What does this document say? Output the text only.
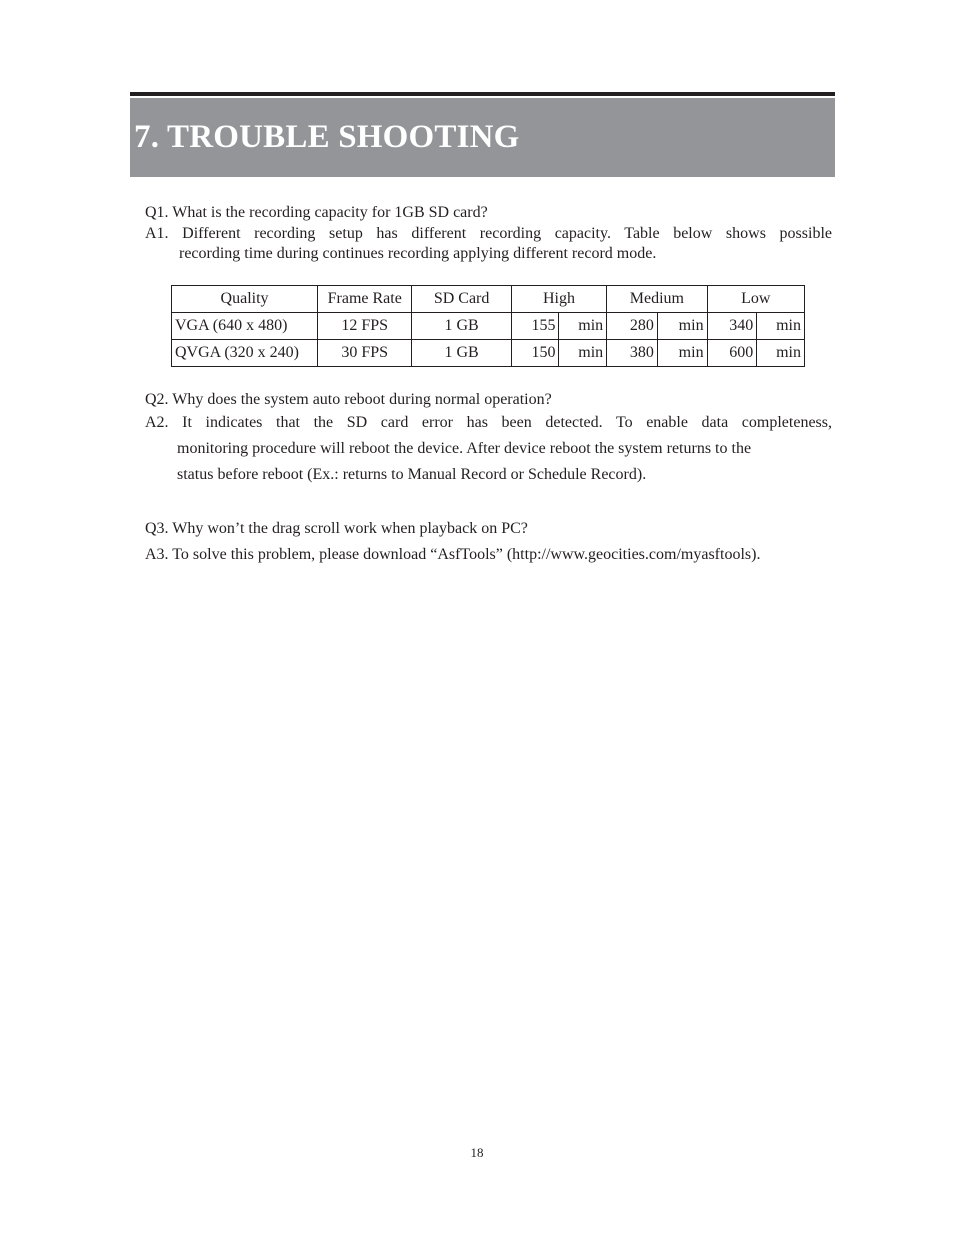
7. TROUBLE SHOOTING

Q1. What is the recording capacity for 1GB SD card?

A1. Different recording setup has different recording capacity. Table below shows possible
recording time during continues recording applying different record mode.
Quality	Frame Rate	SD Card	High		Medium		Low	
VGA (640 x 480)	12 FPS	1 GB	155	min	280	min	340	min
QVGA (320 x 240)	30 FPS	1 GB	150	min	380	min	600	min

Q2. Why does the system auto reboot during normal operation?

A2. It indicates that the SD card error has been detected. To enable data completeness,
monitoring procedure will reboot the device. After device reboot the system returns to the
status before reboot (Ex.: returns to Manual Record or Schedule Record).

Q3. Why won’t the drag scroll work when playback on PC?

A3. To solve this problem, please download “AsfTools” (http://www.geocities.com/myasftools).

18
